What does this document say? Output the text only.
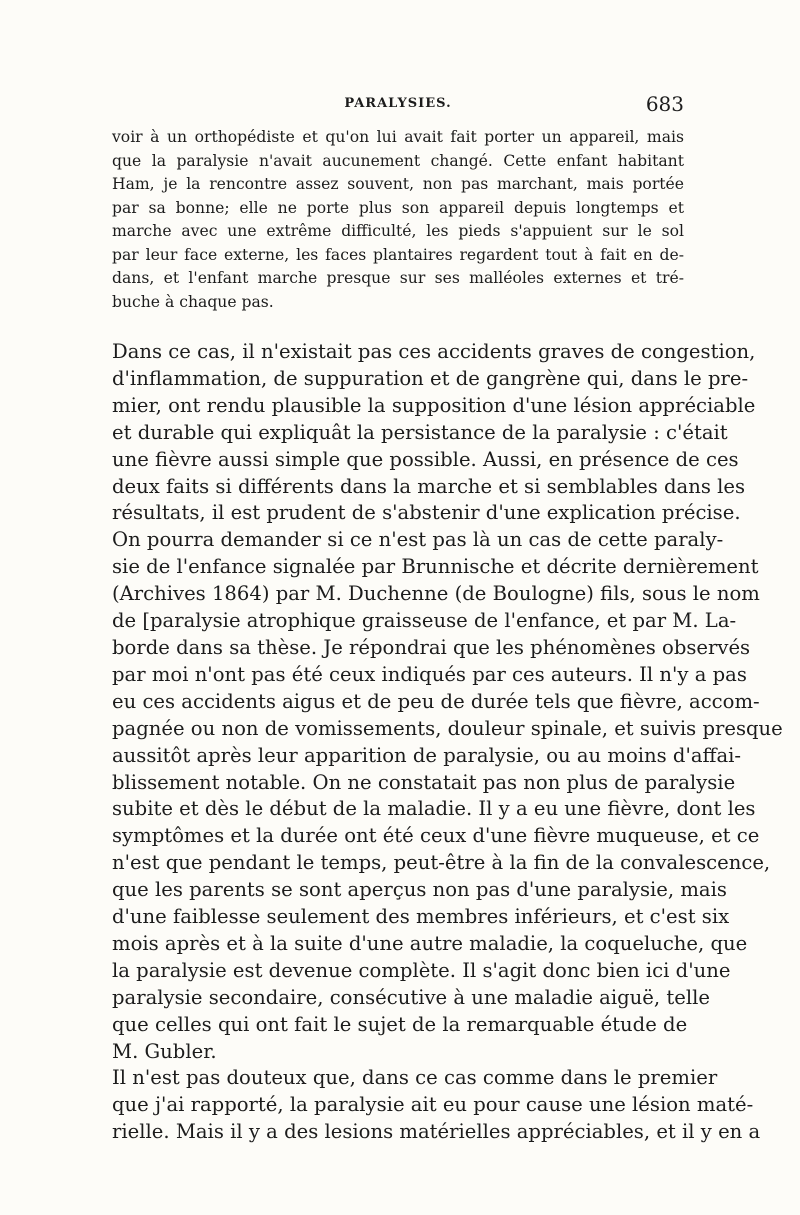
PARALYSIES.	683
voir à un orthopédiste et qu'on lui avait fait porter un appareil, mais
que la paralysie n'avait aucunement changé. Cette enfant habitant
Ham, je la rencontre assez souvent, non pas marchant, mais portée
par sa bonne; elle ne porte plus son appareil depuis longtemps et
marche avec une extrême difficulté, les pieds s'appuient sur le sol
par leur face externe, les faces plantaires regardent tout à fait en de-
dans, et l'enfant marche presque sur ses malléoles externes et tré-
buche à chaque pas.
Dans ce cas, il n'existait pas ces accidents graves de congestion,
d'inflammation, de suppuration et de gangrène qui, dans le pre-
mier, ont rendu plausible la supposition d'une lésion appréciable
et durable qui expliquât la persistance de la paralysie : c'était
une fièvre aussi simple que possible. Aussi, en présence de ces
deux faits si différents dans la marche et si semblables dans les
résultats, il est prudent de s'abstenir d'une explication précise.
On pourra demander si ce n'est pas là un cas de cette paraly-
sie de l'enfance signalée par Brunnische et décrite dernièrement
(Archives 1864) par M. Duchenne (de Boulogne) fils, sous le nom
de [paralysie atrophique graisseuse de l'enfance, et par M. La-
borde dans sa thèse. Je répondrai que les phénomènes observés
par moi n'ont pas été ceux indiqués par ces auteurs. Il n'y a pas
eu ces accidents aigus et de peu de durée tels que fièvre, accom-
pagnée ou non de vomissements, douleur spinale, et suivis presque
aussitôt après leur apparition de paralysie, ou au moins d'affai-
blissement notable. On ne constatait pas non plus de paralysie
subite et dès le début de la maladie. Il y a eu une fièvre, dont les
symptômes et la durée ont été ceux d'une fièvre muqueuse, et ce
n'est que pendant le temps, peut-être à la fin de la convalescence,
que les parents se sont aperçus non pas d'une paralysie, mais
d'une faiblesse seulement des membres inférieurs, et c'est six
mois après et à la suite d'une autre maladie, la coqueluche, que
la paralysie est devenue complète. Il s'agit donc bien ici d'une
paralysie secondaire, consécutive à une maladie aiguë, telle
que celles qui ont fait le sujet de la remarquable étude de
M. Gubler.
Il n'est pas douteux que, dans ce cas comme dans le premier
que j'ai rapporté, la paralysie ait eu pour cause une lésion maté-
rielle. Mais il y a des lesions matérielles appréciables, et il y en a
